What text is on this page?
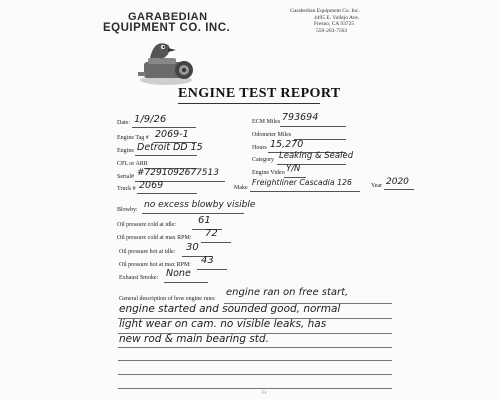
GARABEDIAN
EQUIPMENT CO. INC.
Garabedian Equipment Co. Inc.
4495 E. Vallejo Ave.
Fresno, CA 93725
559-263-7563
ENGINE TEST REPORT
Date: 1/9/26
Engine Tag # 2069-1
Engine Detroit DD 15
CPL or ARR
Serial# #7291092677513
Truck # 2069
ECM Miles 793694
Odometer Miles
Hours 15,270
Category Leaking & Sealed
Engine Video Y/N
Make
Freightliner Cascadia 126	Year 2020
Blowby: no excess blowby visible
Oil pressure cold at idle: 61
Oil pressure cold at max RPM: 72
Oil pressure hot at idle: 30
Oil pressure hot at max RPM: 43
Exhaust Smoke: None
General description of how engine runs:
engine ran on free start,
engine started and sounded good, normal
light wear on cam. no visible leaks, has
new rod & main bearing std.
Fc
